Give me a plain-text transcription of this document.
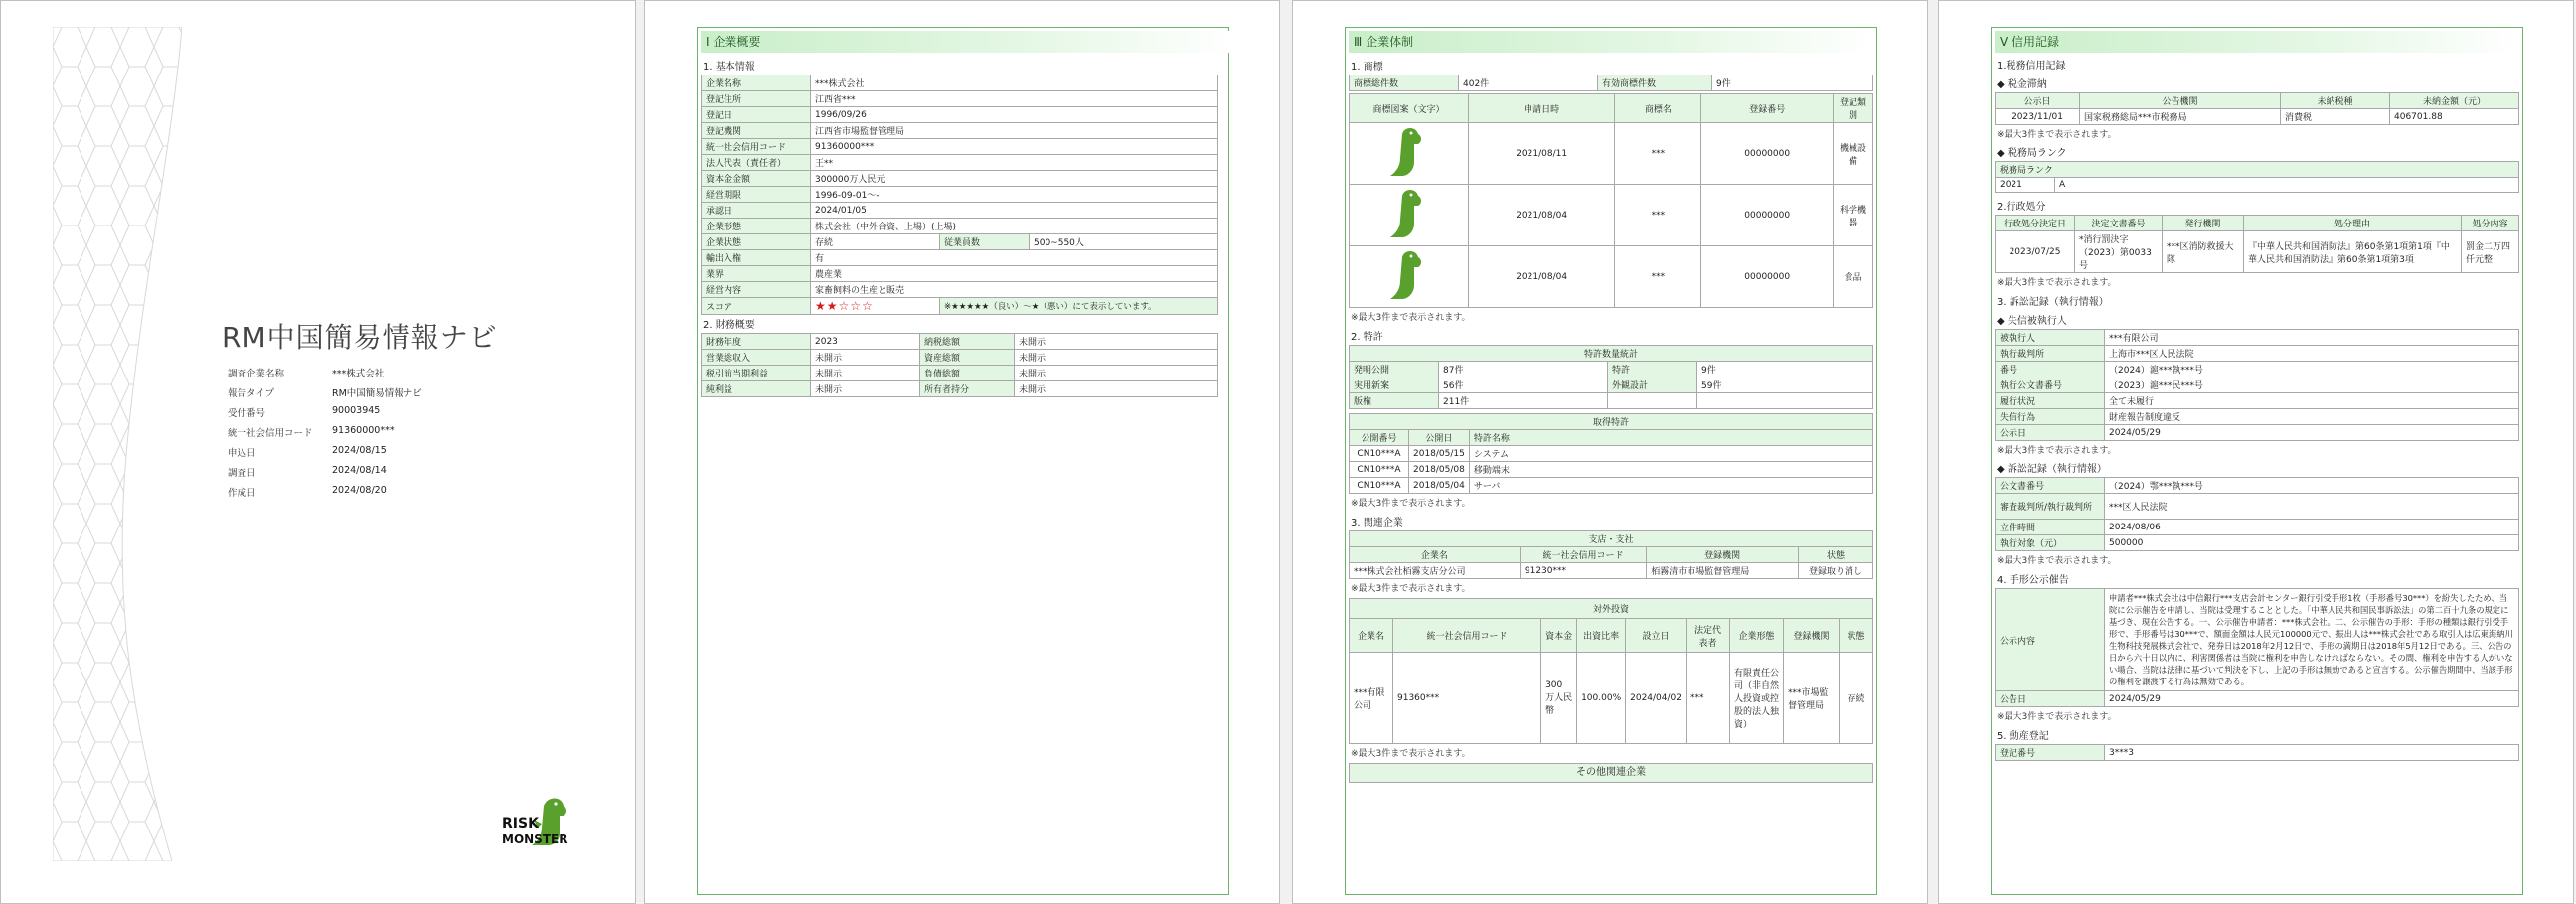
RM中国簡易情報ナビ
調査企業名称	***株式会社
報告タイプ	RM中国簡易情報ナビ
受付番号	90003945
統一社会信用コード	91360000***
申込日	2024/08/15
調査日	2024/08/14
作成日	2024/08/20
RISK
MONSTER
Ⅰ 企業概要
1. 基本情報
企業名称	***株式会社		
登記住所	江西省***		
登記日	1996/09/26		
登記機関	江西省市場監督管理局		
統一社会信用コード	91360000***		
法人代表（責任者）	王**		
資本金金額	300000万人民元		
経営期限	1996-09-01～-		
承認日	2024/01/05		
企業形態	株式会社（中外合資、上場）(上場)		
企業状態	存続	従業員数	500~550人
輸出入権	有		
業界	農産業		
経営内容	家畜飼料の生産と販売		
スコア	★★☆☆☆	※★★★★★（良い）～★（悪い）にて表示しています。	
2. 財務概要
財務年度	2023	納税総額	未開示
営業総収入	未開示	資産総額	未開示
税引前当期利益	未開示	負債総額	未開示
純利益	未開示	所有者持分	未開示
Ⅲ 企業体制
1. 商標
商標総件数	402件	有効商標件数	9件
商標図案（文字）	申請日時	商標名	登録番号	登記類別
	2021/08/11	***	00000000	機械設備
	2021/08/04	***	00000000	科学機器
	2021/08/04	***	00000000	食品
※最大3件まで表示されます。
2. 特許
特許数量統計			
発明公開	87件	特許	9件
実用新案	56件	外観設計	59件
版権	211件		
取得特許		
公開番号	公開日	特許名称
CN10***A	2018/05/15	システム
CN10***A	2018/05/08	移動端末
CN10***A	2018/05/04	サーバ
※最大3件まで表示されます。
3. 関連企業
支店・支社			
企業名	統一社会信用コード	登録機関	状態
***株式会社栢霧支店分公司	91230***	栢霧清市市場監督管理局	登録取り消し
※最大3件まで表示されます。
対外投資								
企業名	統一社会信用コード	資本金	出資比率	設立日	法定代表者	企業形態	登録機関	状態
***有限公司	91360***	300 万人民幣	100.00%	2024/04/02	***	有限責任公司（非自然人投資或控股的法人独資）	***市場監督管理局	存続
※最大3件まで表示されます。
その他関連企業
Ⅴ 信用記録
1.税務信用記録
◆ 税金滞納
公示日	公告機関	未納税種	未納金額（元）
2023/11/01	国家税務総局***市税務局	消費税	406701.88
※最大3件まで表示されます。
◆ 税務局ランク
税務局ランク
2021	A
2.行政処分
行政処分決定日	決定文書番号	発行機関	処分理由	処分内容
2023/07/25	*消行罰決字（2023）第0033号	***区消防救援大隊	『中華人民共和国消防法』第60条第1項第1項『中華人民共和国消防法』第60条第1項第3項	罰金二万四仟元整
※最大3件まで表示されます。
3. 訴訟記録（執行情報）
◆ 失信被執行人
被執行人	***有限公司
執行裁判所	上海市***区人民法院
番号	（2024）滬***執***号
執行公文書番号	（2023）滬***民***号
履行状況	全て未履行
失信行為	財産報告制度違反
公示日	2024/05/29
※最大3件まで表示されます。
◆ 訴訟記録（執行情報）
公文書番号	（2024）鄂***執***号
審査裁判所/執行裁判所	***区人民法院
立件時間	2024/08/06
執行対象（元）	500000
※最大3件まで表示されます。
4. 手形公示催告
公示内容	申請者***株式会社は中信銀行***支店会計センター銀行引受手形1枚（手形番号30***）を紛失したため、当院に公示催告を申請し、当院は受理することとした。「中華人民共和国民事訴訟法」の第二百十九条の規定に基づき、現在公告する。一、公示催告申請者：***株式会社。二、公示催告の手形：手形の種類は銀行引受手形で、手形番号は30***で、額面金額は人民元100000元で、振出人は***株式会社である取引人は広東海納川生物科技発展株式会社で、発券日は2018年2月12日で、手形の満期日は2018年5月12日である。三、公告の日から六十日以内に、利害関係者は当院に権利を申告しなければならない。その間、権利を申告する人がいない場合、当院は法律に基づいて判決を下し、上記の手形は無効であると宣言する。公示催告期間中、当該手形の権利を譲渡する行為は無効である。
公告日	2024/05/29
※最大3件まで表示されます。
5. 動産登記
登記番号	3***3
